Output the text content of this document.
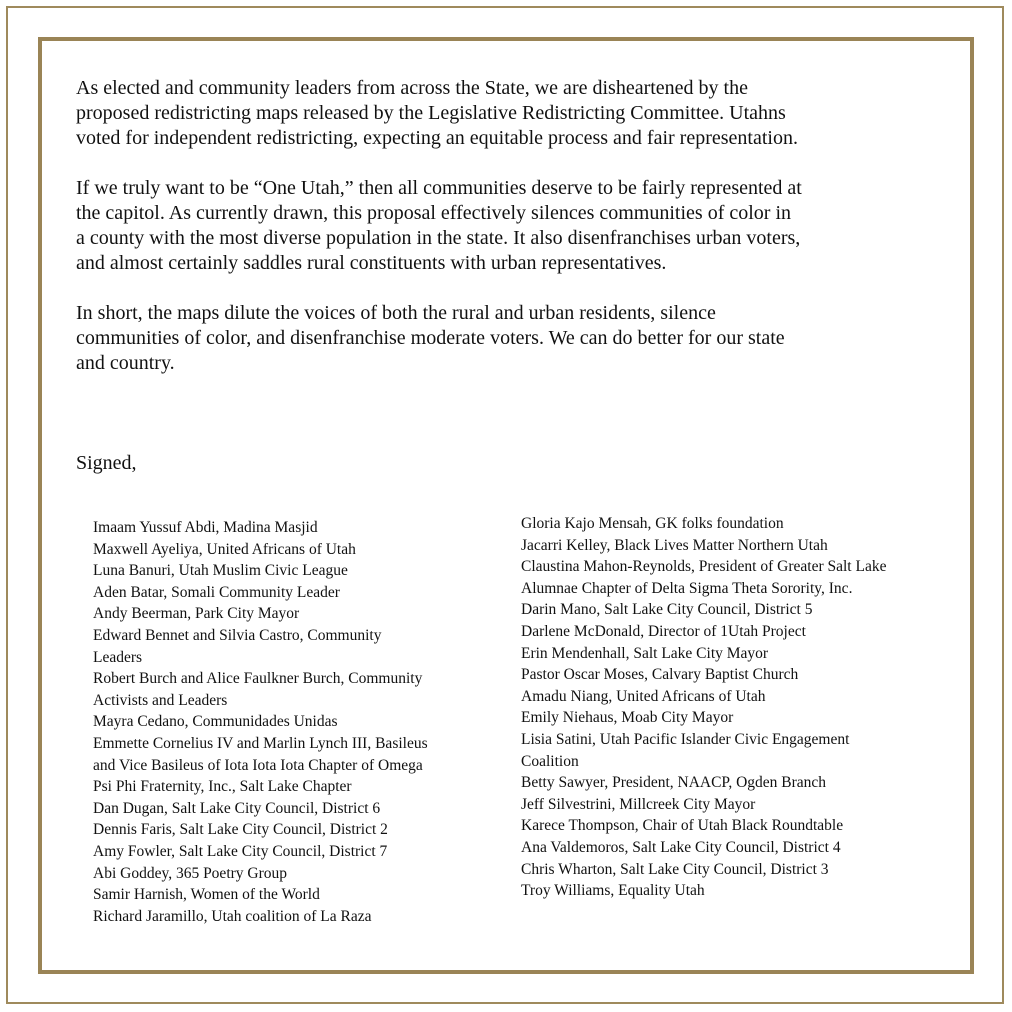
As elected and community leaders from across the State, we are disheartened by the
proposed redistricting maps released by the Legislative Redistricting Committee. Utahns
voted for independent redistricting, expecting an equitable process and fair representation.

If we truly want to be “One Utah,” then all communities deserve to be fairly represented at
the capitol. As currently drawn, this proposal effectively silences communities of color in
a county with the most diverse population in the state. It also disenfranchises urban voters,
and almost certainly saddles rural constituents with urban representatives.

In short, the maps dilute the voices of both the rural and urban residents, silence
communities of color, and disenfranchise moderate voters. We can do better for our state
and country.

Signed,

Imaam Yussuf Abdi, Madina Masjid

Maxwell Ayeliya, United Africans of Utah

Luna Banuri, Utah Muslim Civic League

Aden Batar, Somali Community Leader

Andy Beerman, Park City Mayor

Edward Bennet and Silvia Castro, Community
Leaders

Robert Burch and Alice Faulkner Burch, Community
Activists and Leaders

Mayra Cedano, Communidades Unidas

Emmette Cornelius IV and Marlin Lynch III, Basileus
and Vice Basileus of Iota Iota Iota Chapter of Omega
Psi Phi Fraternity, Inc., Salt Lake Chapter

Dan Dugan, Salt Lake City Council, District 6

Dennis Faris, Salt Lake City Council, District 2

Amy Fowler, Salt Lake City Council, District 7

Abi Goddey, 365 Poetry Group

Samir Harnish, Women of the World

Richard Jaramillo, Utah coalition of La Raza

Gloria Kajo Mensah, GK folks foundation

Jacarri Kelley, Black Lives Matter Northern Utah

Claustina Mahon-Reynolds, President of Greater Salt Lake
Alumnae Chapter of Delta Sigma Theta Sorority, Inc.

Darin Mano, Salt Lake City Council, District 5

Darlene McDonald, Director of 1Utah Project

Erin Mendenhall, Salt Lake City Mayor

Pastor Oscar Moses, Calvary Baptist Church

Amadu Niang, United Africans of Utah

Emily Niehaus, Moab City Mayor

Lisia Satini, Utah Pacific Islander Civic Engagement
Coalition

Betty Sawyer, President, NAACP, Ogden Branch

Jeff Silvestrini, Millcreek City Mayor

Karece Thompson, Chair of Utah Black Roundtable

Ana Valdemoros, Salt Lake City Council, District 4

Chris Wharton, Salt Lake City Council, District 3

Troy Williams, Equality Utah
